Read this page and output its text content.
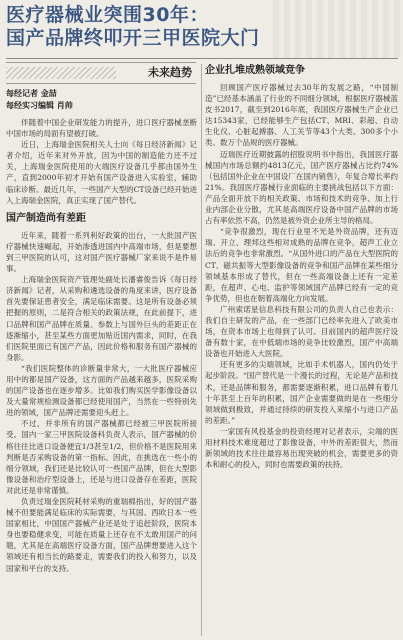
医疗器械业突围30年：
国产品牌终叩开三甲医院大门
未来趋势
每经记者 金喆
每经实习编辑 肖帅

伴随着中国企业研发能力的提升，进口医疗器械垄断中国市场的局面有望被打破。

近日，上海瑞金医院相关人士向《每日经济新闻》记者介绍，近年来对外开放，因为中国的制造能力还不过关，上海瑞金医院使用的大端医疗设备几乎都由国外生产，直到2000年初才开始有国产设备进入实验室，辅助临床诊断。最近几年，一些国产大型的CT设备已经开始进入上海瑞金医院，真正实现了国产替代。

国产制造尚有差距

近年来，随着一系列利好政策的出台，一大批国产医疗器械快速崛起，开始渗透进国内中高端市场，但是要想到三甲医院的认可，这对国产医疗器械厂家来说不是件易事。

上海瑞金医院资产管理处副处长潘睿俊告诉《每日经济新闻》记者，从采购和遴选设备的角度来讲，医疗设备首先要保证患者安全，满足临床需要。这是所有设备必须把握的原则，二是符合相关的政策法规，在此前提下，进口品牌和国产品牌在质量、参数上与国外巨头的差距正在逐渐缩小，甚至某些方面更加贴近国内需求，同时，在我们医院里面已有国产产品，因此价格和服务有国产器械的身影。

“我们医院整体的诊断量非常大，一大批医疗器械应用中的都是国产设备，这方面的产品越来越多，医院采购的国产设备也在逐步增多。比如我们购买医学影像设备以及大量常规检测设备都已经使用国产，当然在一些特别先进的领域，国产品牌还需要迎头赶上。

不过，并非所有的国产器械都已经被三甲医院所接受。国内一家三甲医院设备科负责人表示，国产器械的价格往往比进口设备便宜1/3甚至1/2，但价格不是医院用来判断是否采购设备的第一指标。因此，在挑选在一些小的细分领域，我们还是比较认可一些国产品牌，但在大型影像设备和治疗型设备上，还是与进口设备存在差距，医院对此还是非常谨慎。

负责过瑞金医院耗材采购的重瑞棉指出，好的国产器械不但要能满足临床的实际需要，与其国、西欧日本一些国家相比，中国国产器械产业还是处于追赶阶段，医院本身也要稳健求变，可能在质量上还存在不太敢用国产的问题，尤其是在高端医疗设备方面，国产品牌想要进入这个领域还有相当长的路要走，需要我们的投入和努力，以及国家和平台的支持。

企业扎堆成熟领域竞争

回顾国产医疗器械过去30年的发展之路，“中国制造”已经基本涵盖了行业的不同细分领域，根据医疗器械蓝皮书2017，截至到2016年底，我国医疗器械生产企业已达15343家，已经能够生产包括CT、MRI、彩超、自动生化仪、心脏起搏器、人工关节等43个大类、300多个小类、数万个品规的医疗器械。

迈瑞医疗近期披露的招股说明书中指出，我国医疗器械国内市场总额约4813亿元，国产医疗器械占比约74%（包括国外企业在中国设厂在国内销售），年复合增长率约21%。我国医疗器械行业面临的主要挑战包括以下方面：产品全面开放下的相关政策、市场和技术的竞争、加上行业内部企业分散，尤其是高端医疗设备中国产品牌的市场占有率依然不高，仍然是被外资企业所主导的格局。

“竞争很激烈，现在行业里不光是外资品牌，还有迈瑞、开立、理邦这些相对成熟的品牌在竞争，超声工业立法后的竞争也非常激烈。“从国外进口的产品在大型医院的CT、磁共振等大型影像设备的竞争和国产品牌在某些细分领域基本形成了替代，但在一些高端设备上还有一定差距，在超声、心电、监护等领域国产品牌已经有一定的竞争优势，但也在朝着高端化方向发展。

广州索诺星信息科技有限公司的负责人自己也表示：我们自主研发的产品，在一些部门已经率先进入了欧美市场，在资本市场上也得到了认可。目前国内的超声医疗设备有数十家，在中低端市场的竞争比较激烈，国产中高端设备也开始进入大医院。

还有更多的尖端领域，比如手术机器人，国内仍处于起步阶段。“国产替代是一个漫长的过程，无论是产品和技术，还是品牌和服务，都需要逐渐积累，进口品牌有着几十年甚至上百年的积累，国产企业需要做的是在一些细分领域做到极致，并通过持续的研发投入来缩小与进口产品的差距。”

一家国有风投基金的投资经理对记者表示，尖端的医用材料技术难度超过了影像设备，中外的差距很大，然而新领域的技术往往最容易出现突破的机会，需要更多的资本和耐心的投入，同时也需要政策的扶持。
